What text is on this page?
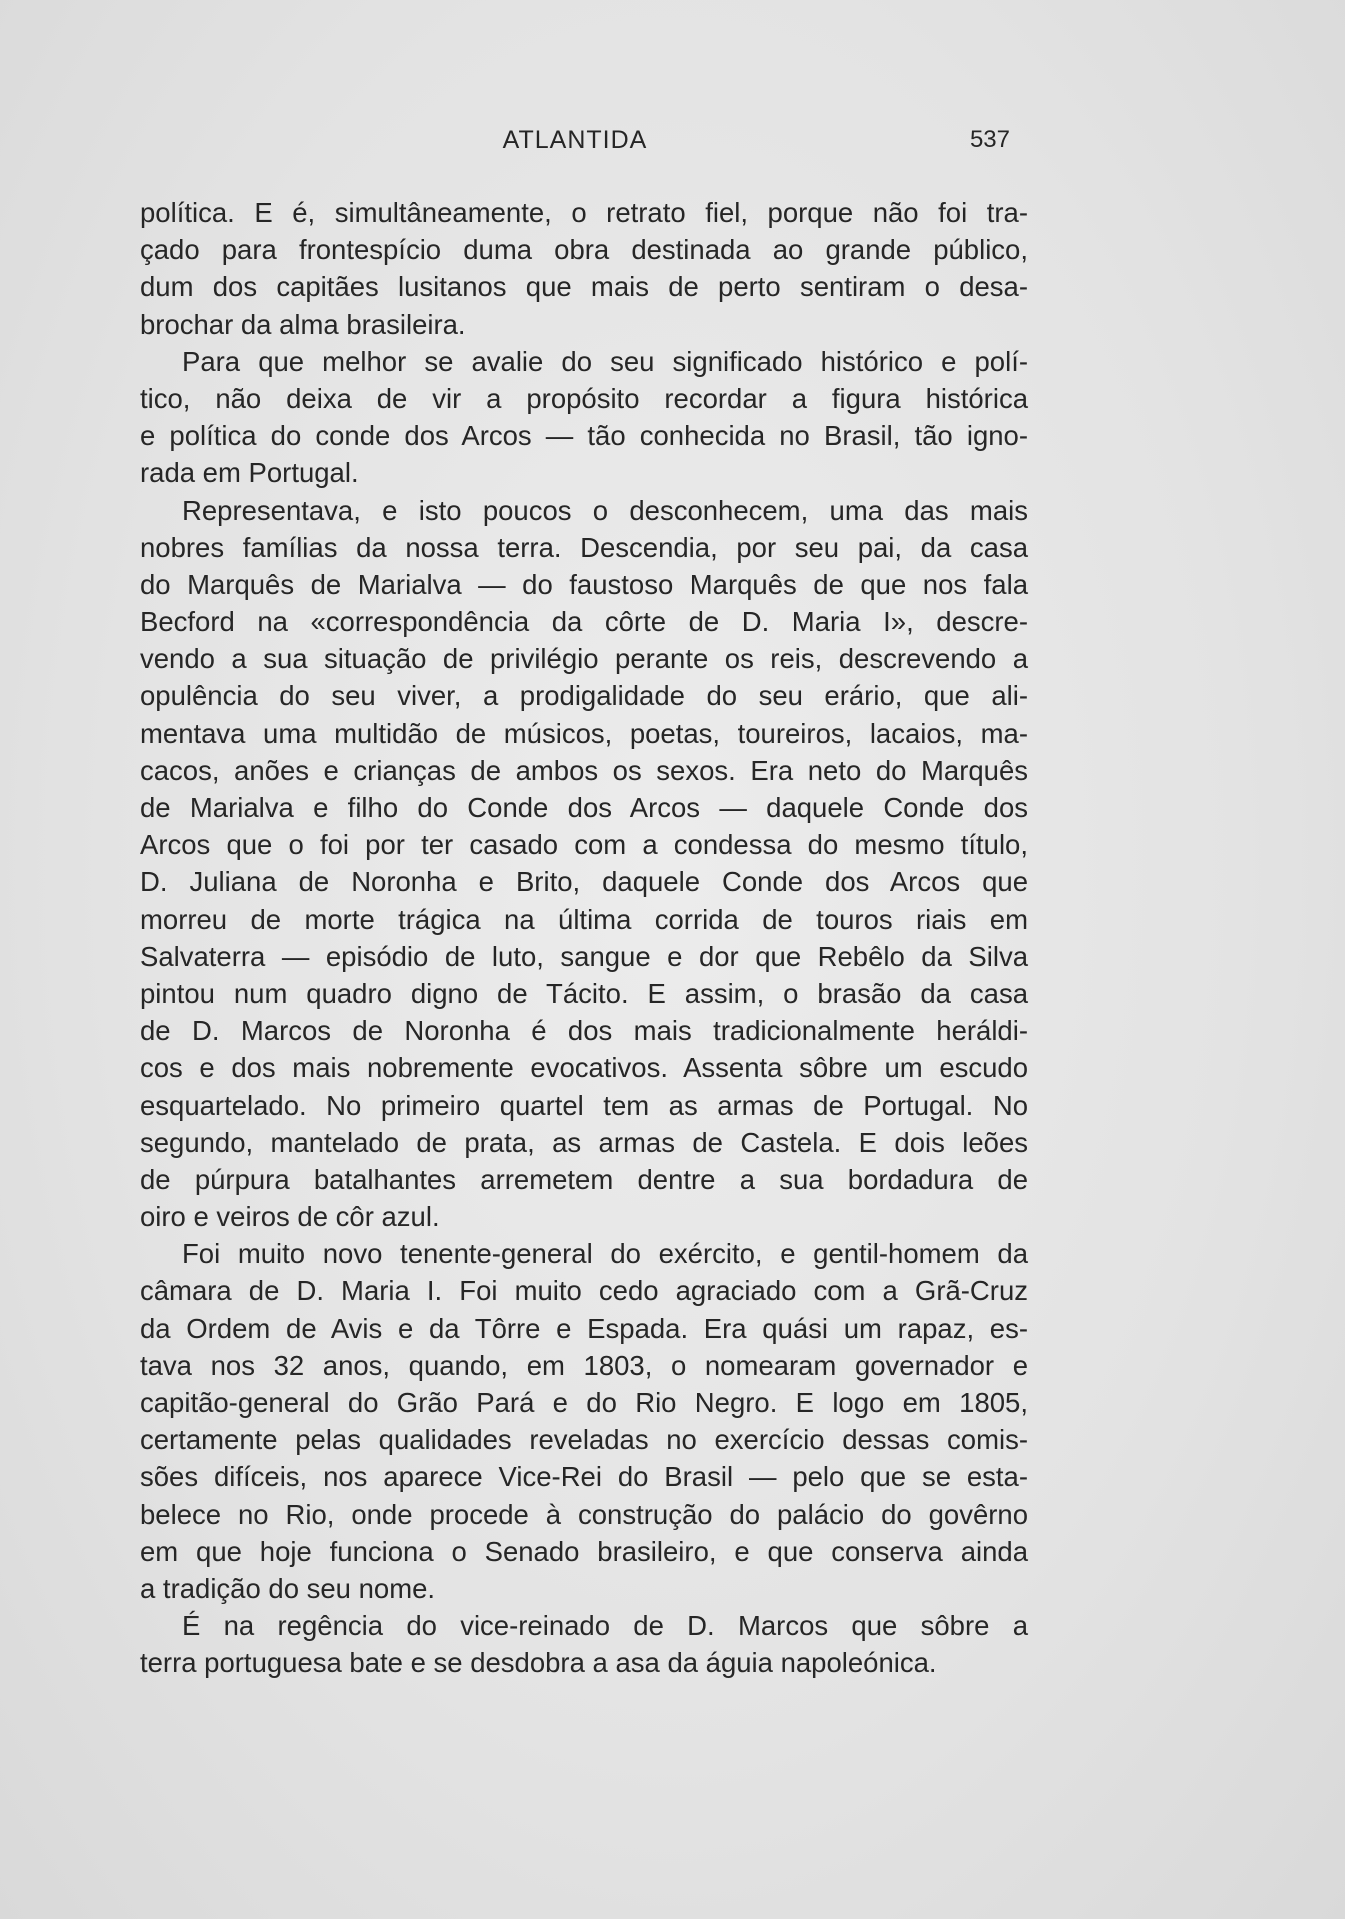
ATLANTIDA	537
política. E é, simultâneamente, o retrato fiel, porque não foi tra-
çado para frontespício duma obra destinada ao grande público,
dum dos capitães lusitanos que mais de perto sentiram o desa-
brochar da alma brasileira.
Para que melhor se avalie do seu significado histórico e polí-
tico, não deixa de vir a propósito recordar a figura histórica
e política do conde dos Arcos — tão conhecida no Brasil, tão igno-
rada em Portugal.
Representava, e isto poucos o desconhecem, uma das mais
nobres famílias da nossa terra. Descendia, por seu pai, da casa
do Marquês de Marialva — do faustoso Marquês de que nos fala
Becford na «correspondência da côrte de D. Maria I», descre-
vendo a sua situação de privilégio perante os reis, descrevendo a
opulência do seu viver, a prodigalidade do seu erário, que ali-
mentava uma multidão de músicos, poetas, toureiros, lacaios, ma-
cacos, anões e crianças de ambos os sexos. Era neto do Marquês
de Marialva e filho do Conde dos Arcos — daquele Conde dos
Arcos que o foi por ter casado com a condessa do mesmo título,
D. Juliana de Noronha e Brito, daquele Conde dos Arcos que
morreu de morte trágica na última corrida de touros riais em
Salvaterra — episódio de luto, sangue e dor que Rebêlo da Silva
pintou num quadro digno de Tácito. E assim, o brasão da casa
de D. Marcos de Noronha é dos mais tradicionalmente heráldi-
cos e dos mais nobremente evocativos. Assenta sôbre um escudo
esquartelado. No primeiro quartel tem as armas de Portugal. No
segundo, mantelado de prata, as armas de Castela. E dois leões
de púrpura batalhantes arremetem dentre a sua bordadura de
oiro e veiros de côr azul.
Foi muito novo tenente-general do exército, e gentil-homem da
câmara de D. Maria I. Foi muito cedo agraciado com a Grã-Cruz
da Ordem de Avis e da Tôrre e Espada. Era quási um rapaz, es-
tava nos 32 anos, quando, em 1803, o nomearam governador e
capitão-general do Grão Pará e do Rio Negro. E logo em 1805,
certamente pelas qualidades reveladas no exercício dessas comis-
sões difíceis, nos aparece Vice-Rei do Brasil — pelo que se esta-
belece no Rio, onde procede à construção do palácio do govêrno
em que hoje funciona o Senado brasileiro, e que conserva ainda
a tradição do seu nome.
É na regência do vice-reinado de D. Marcos que sôbre a
terra portuguesa bate e se desdobra a asa da águia napoleónica.
